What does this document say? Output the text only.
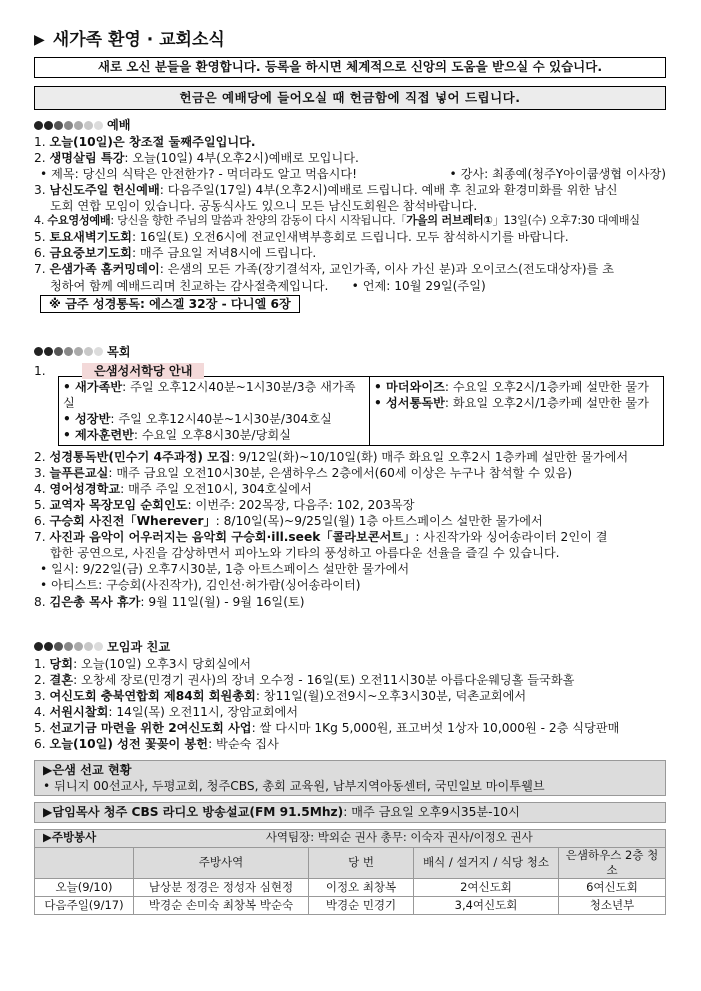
▶ 새가족 환영 · 교회소식
새로 오신 분들을 환영합니다. 등록을 하시면 체계적으로 신앙의 도움을 받으실 수 있습니다.
헌금은 예배당에 들어오실 때 헌금함에 직접 넣어 드립니다.
예배
1. 오늘(10일)은 창조절 둘째주일입니다.
2. 생명살림 특강: 오늘(10일) 4부(오후2시)예배로 모입니다.
• 제목: 당신의 식탁은 안전한가? - 먹더라도 알고 먹읍시다!	• 강사: 최종예(청주Y아이쿱생협 이사장)
3. 남신도주일 헌신예배: 다음주일(17일) 4부(오후2시)예배로 드립니다. 예배 후 친교와 환경미화를 위한 남신
도회 연합 모임이 있습니다. 공동식사도 있으니 모든 남신도회원은 참석바랍니다.
4. 수요영성예배: 당신을 향한 주님의 말씀과 찬양의 감동이 다시 시작됩니다.「가을의 러브레터①」13일(수) 오후7:30 대예배실
5. 토요새벽기도회: 16일(토) 오전6시에 전교인새벽부흥회로 드립니다. 모두 참석하시기를 바랍니다.
6. 금요중보기도회: 매주 금요일 저녁8시에 드립니다.
7. 은샘가족 홈커밍데이: 은샘의 모든 가족(장기결석자, 교인가족, 이사 가신 분)과 오이코스(전도대상자)를 초
청하여 함께 예배드리며 친교하는 감사절축제입니다. • 언제: 10월 29일(주일)
※ 금주 성경통독: 에스겔 32장 - 다니엘 6장
목회
1.	은샘성서학당 안내
• 새가족반: 주일 오후12시40분~1시30분/3층 새가족실
• 성장반: 주일 오후12시40분~1시30분/304호실
• 제자훈련반: 수요일 오후8시30분/당회실
• 마더와이즈: 수요일 오후2시/1층카페 설만한 물가
• 성서통독반: 화요일 오후2시/1층카페 설만한 물가
2. 성경통독반(민수기 4주과정) 모집: 9/12일(화)~10/10일(화) 매주 화요일 오후2시 1층카페 설만한 물가에서
3. 늘푸른교실: 매주 금요일 오전10시30분, 은샘하우스 2층에서(60세 이상은 누구나 참석할 수 있음)
4. 영어성경학교: 매주 주일 오전10시, 304호실에서
5. 교역자 목장모임 순회인도: 이번주: 202목장, 다음주: 102, 203목장
6. 구승회 사진전「Wherever」: 8/10일(목)~9/25일(월) 1층 아트스페이스 설만한 물가에서
7. 사진과 음악이 어우러지는 음악회 구승회·ill.seek「콜라보콘서트」: 사진작가와 싱어송라이터 2인이 결
합한 공연으로, 사진을 감상하면서 피아노와 기타의 풍성하고 아름다운 선율을 즐길 수 있습니다.
• 일시: 9/22일(금) 오후7시30분, 1층 아트스페이스 설만한 물가에서
• 아티스트: 구승회(사진작가), 김인선·허가람(싱어송라이터)
8. 김은총 목사 휴가: 9월 11일(월) - 9월 16일(토)
모임과 친교
1. 당회: 오늘(10일) 오후3시 당회실에서
2. 결혼: 오창세 장로(민경기 권사)의 장녀 오수정 - 16일(토) 오전11시30분 아름다운웨딩홀 들국화홀
3. 여신도회 충북연합회 제84회 회원총회: 창11일(월)오전9시~오후3시30분, 덕촌교회에서
4. 서원시찰회: 14일(목) 오전11시, 장암교회에서
5. 선교기금 마련을 위한 2여신도회 사업: 쌀 다시마 1Kg 5,000원, 표고버섯 1상자 10,000원 - 2층 식당판매
6. 오늘(10일) 성전 꽃꽂이 봉헌: 박순숙 집사
▶은샘 선교 현황
• 뒤니지 00선교사, 두평교회, 청주CBS, 총회 교육원, 남부지역아동센터, 국민일보 마이투웰브
▶담임목사 청주 CBS 라디오 방송설교(FM 91.5Mhz): 매주 금요일 오후9시35분-10시
▶주방봉사	사역팀장: 박외순 권사 총무: 이숙자 권사/이정오 권사			
	주방사역	당 번	배식 / 설거지 / 식당 청소	은샘하우스 2층 청소
오늘(9/10)	남상분 정경은 정성자 심현정	이정오 최창복	2여신도회	6여신도회
다음주일(9/17)	박경순 손미숙 최창복 박순숙	박경순 민경기	3,4여신도회	청소년부
